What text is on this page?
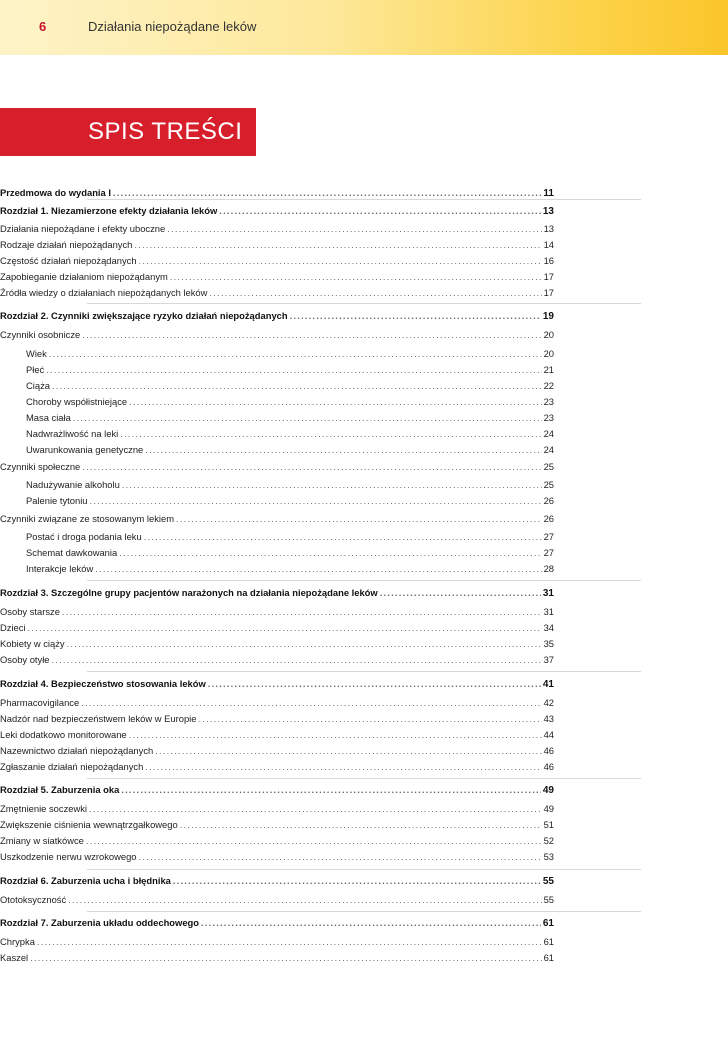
6	Działania niepożądane leków
SPIS TREŚCI
Przedmowa do wydania I .....	11
Rozdział 1. Niezamierzone efekty działania leków .....	13
Działania niepożądane i efekty uboczne .....	13
Rodzaje działań niepożądanych .....	14
Częstość działań niepożądanych .....	16
Zapobieganie działaniom niepożądanym .....	17
Źródła wiedzy o działaniach niepożądanych leków .....	17
Rozdział 2. Czynniki zwiększające ryzyko działań niepożądanych .....	19
Czynniki osobnicze .....	20
Wiek .....	20
Płeć .....	21
Ciąża .....	22
Choroby współistniejące .....	23
Masa ciała .....	23
Nadwrażliwość na leki .....	24
Uwarunkowania genetyczne .....	24
Czynniki społeczne .....	25
Nadużywanie alkoholu .....	25
Palenie tytoniu .....	26
Czynniki związane ze stosowanym lekiem .....	26
Postać i droga podania leku .....	27
Schemat dawkowania .....	27
Interakcje leków .....	28
Rozdział 3. Szczególne grupy pacjentów narażonych na działania niepożądane leków .....	31
Osoby starsze .....	31
Dzieci .....	34
Kobiety w ciąży .....	35
Osoby otyłe .....	37
Rozdział 4. Bezpieczeństwo stosowania leków .....	41
Pharmacovigilance .....	42
Nadzór nad bezpieczeństwem leków w Europie .....	43
Leki dodatkowo monitorowane .....	44
Nazewnictwo działań niepożądanych .....	46
Zgłaszanie działań niepożądanych .....	46
Rozdział 5. Zaburzenia oka .....	49
Zmętnienie soczewki .....	49
Zwiększenie ciśnienia wewnątrzgałkowego .....	51
Zmiany w siatkówce .....	52
Uszkodzenie nerwu wzrokowego .....	53
Rozdział 6. Zaburzenia ucha i błędnika .....	55
Ototoksyczność .....	55
Rozdział 7. Zaburzenia układu oddechowego .....	61
Chrypka .....	61
Kaszel .....	61
